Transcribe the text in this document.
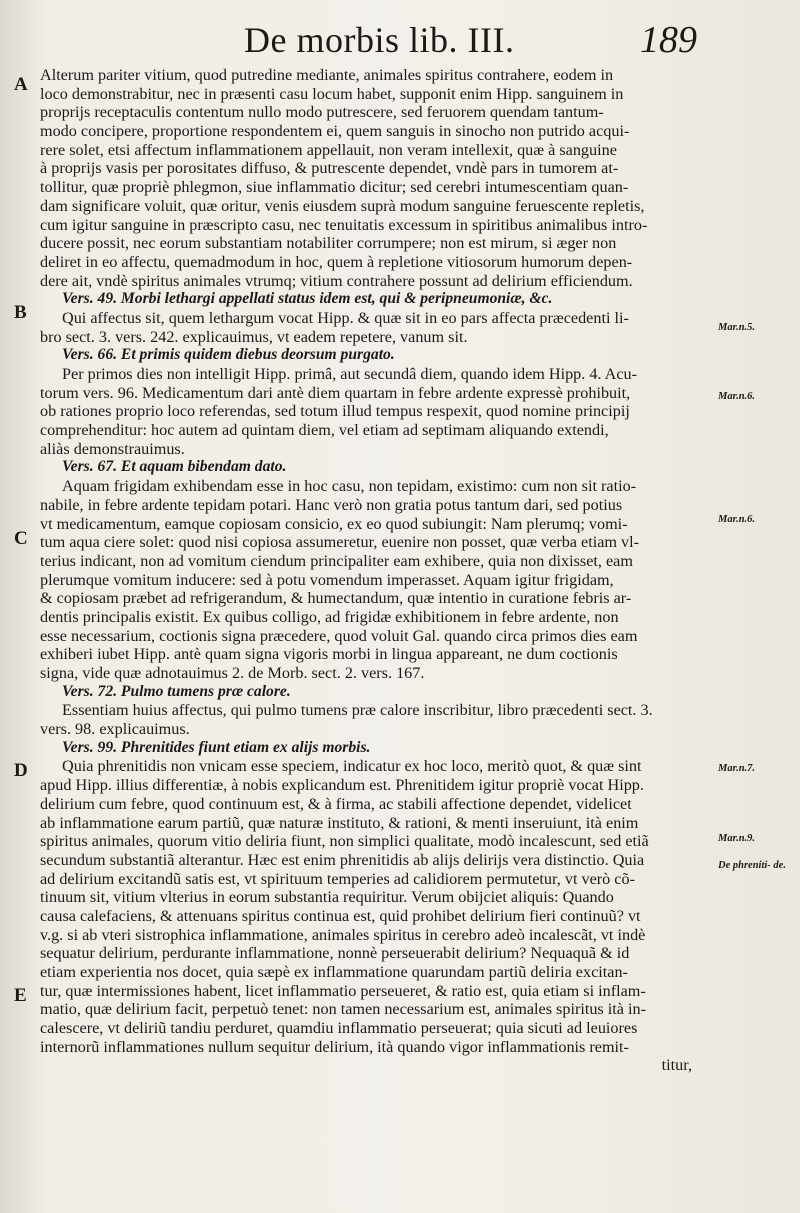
De morbis lib. III.	189
A
B
C
D
E
Mar.n.5.
Mar.n.6.
Mar.n.6.
Mar.n.7.
Mar.n.9.
De phreniti- de.
Alterum pariter vitium, quod putredine mediante, animales spiritus contrahere, eodem in
loco demonstrabitur, nec in præsenti casu locum habet, supponit enim Hipp. sanguinem in
proprijs receptaculis contentum nullo modo putrescere, sed feruorem quendam tantum-
modo concipere, proportione respondentem ei, quem sanguis in sinocho non putrido acqui-
rere solet, etsi affectum inflammationem appellauit, non veram intellexit, quæ à sanguine
à proprijs vasis per porositates diffuso, & putrescente dependet, vndè pars in tumorem at-
tollitur, quæ propriè phlegmon, siue inflammatio dicitur; sed cerebri intumescentiam quan-
dam significare voluit, quæ oritur, venis eiusdem suprà modum sanguine feruescente repletis,
cum igitur sanguine in præscripto casu, nec tenuitatis excessum in spiritibus animalibus intro-
ducere possit, nec eorum substantiam notabiliter corrumpere; non est mirum, si æger non
deliret in eo affectu, quemadmodum in hoc, quem à repletione vitiosorum humorum depen-
dere ait, vndè spiritus animales vtrumq; vitium contrahere possunt ad delirium efficiendum.
Vers. 49. Morbi lethargi appellati status idem est, qui & peripneumoniæ, &c.
Qui affectus sit, quem lethargum vocat Hipp. & quæ sit in eo pars affecta præcedenti li-
bro sect. 3. vers. 242. explicauimus, vt eadem repetere, vanum sit.
Vers. 66. Et primis quidem diebus deorsum purgato.
Per primos dies non intelligit Hipp. primâ, aut secundâ diem, quando idem Hipp. 4. Acu-
torum vers. 96. Medicamentum dari antè diem quartam in febre ardente expressè prohibuit,
ob rationes proprio loco referendas, sed totum illud tempus respexit, quod nomine principij
comprehenditur: hoc autem ad quintam diem, vel etiam ad septimam aliquando extendi,
aliàs demonstrauimus.
Vers. 67. Et aquam bibendam dato.
Aquam frigidam exhibendam esse in hoc casu, non tepidam, existimo: cum non sit ratio-
nabile, in febre ardente tepidam potari. Hanc verò non gratia potus tantum dari, sed potius
vt medicamentum, eamque copiosam consicio, ex eo quod subiungit: Nam plerumq; vomi-
tum aqua ciere solet: quod nisi copiosa assumeretur, euenire non posset, quæ verba etiam vl-
terius indicant, non ad vomitum ciendum principaliter eam exhibere, quia non dixisset, eam
plerumque vomitum inducere: sed à potu vomendum imperasset. Aquam igitur frigidam,
& copiosam præbet ad refrigerandum, & humectandum, quæ intentio in curatione febris ar-
dentis principalis existit. Ex quibus colligo, ad frigidæ exhibitionem in febre ardente, non
esse necessarium, coctionis signa præcedere, quod voluit Gal. quando circa primos dies eam
exhiberi iubet Hipp. antè quam signa vigoris morbi in lingua appareant, ne dum coctionis
signa, vide quæ adnotauimus 2. de Morb. sect. 2. vers. 167.
Vers. 72. Pulmo tumens præ calore.
Essentiam huius affectus, qui pulmo tumens præ calore inscribitur, libro præcedenti sect. 3.
vers. 98. explicauimus.
Vers. 99. Phrenitides fiunt etiam ex alijs morbis.
Quia phrenitidis non vnicam esse speciem, indicatur ex hoc loco, meritò quot, & quæ sint
apud Hipp. illius differentiæ, à nobis explicandum est. Phrenitidem igitur propriè vocat Hipp.
delirium cum febre, quod continuum est, & à firma, ac stabili affectione dependet, videlicet
ab inflammatione earum partiũ, quæ naturæ instituto, & rationi, & menti inseruiunt, ità enim
spiritus animales, quorum vitio deliria fiunt, non simplici qualitate, modò incalescunt, sed etiã
secundum substantiã alterantur. Hæc est enim phrenitidis ab alijs delirijs vera distinctio. Quia
ad delirium excitandũ satis est, vt spirituum temperies ad calidiorem permutetur, vt verò cõ-
tinuum sit, vitium vlterius in eorum substantia requiritur. Verum obijciet aliquis: Quando
causa calefaciens, & attenuans spiritus continua est, quid prohibet delirium fieri continuũ? vt
v.g. si ab vteri sistrophica inflammatione, animales spiritus in cerebro adeò incalescãt, vt indè
sequatur delirium, perdurante inflammatione, nonnè perseuerabit delirium? Nequaquã & id
etiam experientia nos docet, quia sæpè ex inflammatione quarundam partiũ deliria excitan-
tur, quæ intermissiones habent, licet inflammatio perseueret, & ratio est, quia etiam si inflam-
matio, quæ delirium facit, perpetuò tenet: non tamen necessarium est, animales spiritus ità in-
calescere, vt deliriũ tandiu perduret, quamdiu inflammatio perseuerat; quia sicuti ad leuiores
internorũ inflammationes nullum sequitur delirium, ità quando vigor inflammationis remit-
titur,
